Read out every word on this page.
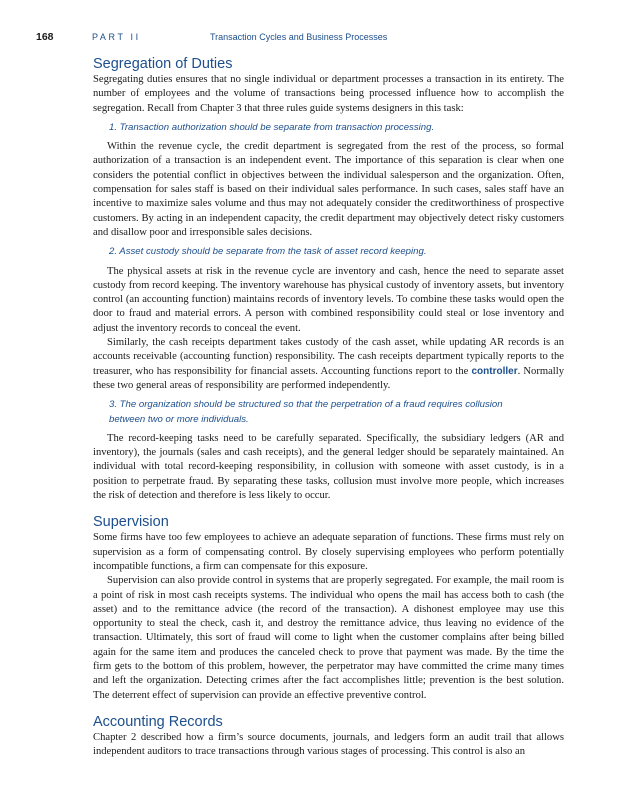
168	PART II	Transaction Cycles and Business Processes
Segregation of Duties

Segregating duties ensures that no single individual or department processes a transaction in its entirety. The number of employees and the volume of transactions being processed influence how to accomplish the segregation. Recall from Chapter 3 that three rules guide systems designers in this task:

1. Transaction authorization should be separate from transaction processing.

Within the revenue cycle, the credit department is segregated from the rest of the process, so formal authorization of a transaction is an independent event. The importance of this separation is clear when one considers the potential conflict in objectives between the individual salesperson and the organization. Often, compensation for sales staff is based on their individual sales performance. In such cases, sales staff have an incentive to maximize sales volume and thus may not adequately consider the creditworthiness of prospective customers. By acting in an independent capacity, the credit department may objectively detect risky customers and disallow poor and irresponsible sales decisions.

2. Asset custody should be separate from the task of asset record keeping.

The physical assets at risk in the revenue cycle are inventory and cash, hence the need to separate asset custody from record keeping. The inventory warehouse has physical custody of inventory assets, but inventory control (an accounting function) maintains records of inventory levels. To combine these tasks would open the door to fraud and material errors. A person with combined responsibility could steal or lose inventory and adjust the inventory records to conceal the event.

Similarly, the cash receipts department takes custody of the cash asset, while updating AR records is an accounts receivable (accounting function) responsibility. The cash receipts department typically reports to the treasurer, who has responsibility for financial assets. Accounting functions report to the controller. Normally these two general areas of responsibility are performed independently.

3. The organization should be structured so that the perpetration of a fraud requires collusion between two or more individuals.

The record-keeping tasks need to be carefully separated. Specifically, the subsidiary ledgers (AR and inventory), the journals (sales and cash receipts), and the general ledger should be separately maintained. An individual with total record-keeping responsibility, in collusion with someone with asset custody, is in a position to perpetrate fraud. By separating these tasks, collusion must involve more people, which increases the risk of detection and therefore is less likely to occur.

Supervision

Some firms have too few employees to achieve an adequate separation of functions. These firms must rely on supervision as a form of compensating control. By closely supervising employees who perform potentially incompatible functions, a firm can compensate for this exposure.

Supervision can also provide control in systems that are properly segregated. For example, the mail room is a point of risk in most cash receipts systems. The individual who opens the mail has access both to cash (the asset) and to the remittance advice (the record of the transaction). A dishonest employee may use this opportunity to steal the check, cash it, and destroy the remittance advice, thus leaving no evidence of the transaction. Ultimately, this sort of fraud will come to light when the customer complains after being billed again for the same item and produces the canceled check to prove that payment was made. By the time the firm gets to the bottom of this problem, however, the perpetrator may have committed the crime many times and left the organization. Detecting crimes after the fact accomplishes little; prevention is the best solution. The deterrent effect of supervision can provide an effective preventive control.

Accounting Records

Chapter 2 described how a firm’s source documents, journals, and ledgers form an audit trail that allows independent auditors to trace transactions through various stages of processing. This control is also an
